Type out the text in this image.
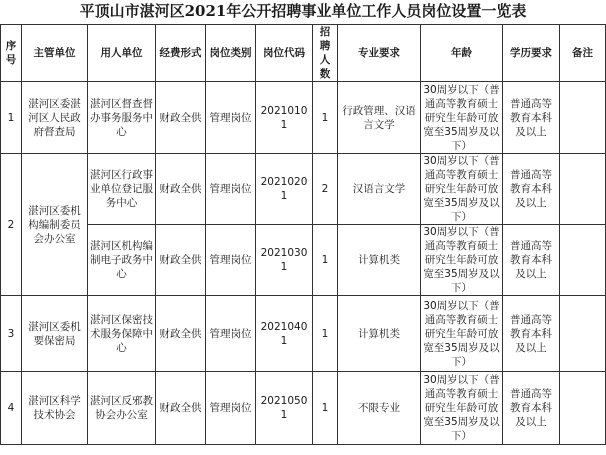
平顶山市湛河区2021年公开招聘事业单位工作人员岗位设置一览表
序号	主管单位	用人单位	经费形式	岗位类别	岗位代码	招聘人数	专业要求	年龄	学历要求	备注
1	湛河区委湛河区人民政府督查局	湛河区督查督办事务服务中心	财政全供	管理岗位	20210101	1	行政管理、汉语言文学	30周岁以下（普通高等教育硕士研究生年龄可放宽至35周岁及以下）	普通高等教育本科及以上	
2	湛河区委机构编制委员会办公室	湛河区行政事业单位登记服务中心	财政全供	管理岗位	20210201	2	汉语言文学	30周岁以下（普通高等教育硕士研究生年龄可放宽至35周岁及以下）	普通高等教育本科及以上	
		湛河区机构编制电子政务中心	财政全供	管理岗位	20210301	1	计算机类	30周岁以下（普通高等教育硕士研究生年龄可放宽至35周岁及以下）	普通高等教育本科及以上	
3	湛河区委机要保密局	湛河区保密技术服务保障中心	财政全供	管理岗位	20210401	1	计算机类	30周岁以下（普通高等教育硕士研究生年龄可放宽至35周岁及以下）	普通高等教育本科及以上	
4	湛河区科学技术协会	湛河区反邪教协会办公室	财政全供	管理岗位	20210501	1	不限专业	30周岁以下（普通高等教育硕士研究生年龄可放宽至35周岁及以下）	普通高等教育本科及以上	
